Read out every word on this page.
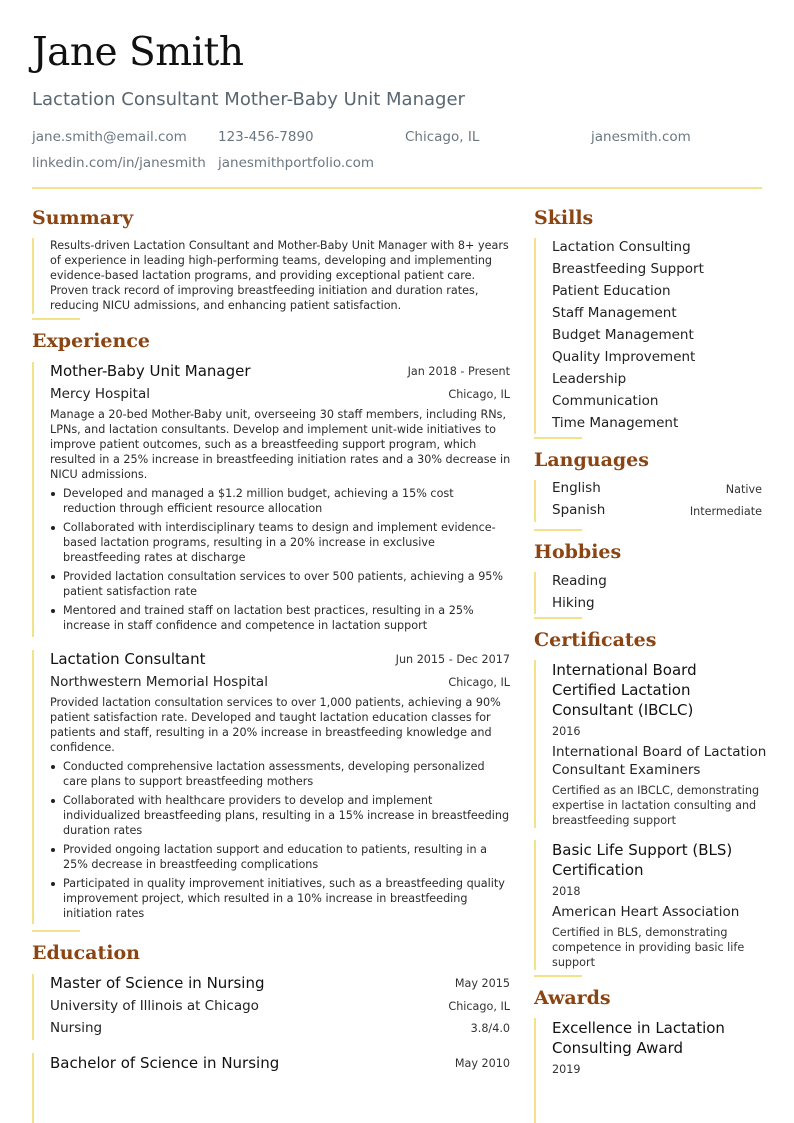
Jane Smith
Lactation Consultant Mother-Baby Unit Manager
jane.smith@email.com 123-456-7890	Chicago, IL	janesmith.com
linkedin.com/in/janesmith janesmithportfolio.com
Summary

Results-driven Lactation Consultant and Mother-Baby Unit Manager with 8+ years of experience in leading high-performing teams, developing and implementing evidence-based lactation programs, and providing exceptional patient care. Proven track record of improving breastfeeding initiation and duration rates, reducing NICU admissions, and enhancing patient satisfaction.

Experience
Mother-Baby Unit Manager	Jan 2018 - Present
Mercy Hospital	Chicago, IL

Manage a 20-bed Mother-Baby unit, overseeing 30 staff members, including RNs, LPNs, and lactation consultants. Develop and implement unit-wide initiatives to improve patient outcomes, such as a breastfeeding support program, which resulted in a 25% increase in breastfeeding initiation rates and a 30% decrease in NICU admissions.

Developed and managed a $1.2 million budget, achieving a 15% cost reduction through efficient resource allocation
Collaborated with interdisciplinary teams to design and implement evidence-based lactation programs, resulting in a 20% increase in exclusive breastfeeding rates at discharge
Provided lactation consultation services to over 500 patients, achieving a 95% patient satisfaction rate
Mentored and trained staff on lactation best practices, resulting in a 25% increase in staff confidence and competence in lactation support
Lactation Consultant	Jun 2015 - Dec 2017
Northwestern Memorial Hospital	Chicago, IL

Provided lactation consultation services to over 1,000 patients, achieving a 90% patient satisfaction rate. Developed and taught lactation education classes for patients and staff, resulting in a 20% increase in breastfeeding knowledge and confidence.

Conducted comprehensive lactation assessments, developing personalized care plans to support breastfeeding mothers
Collaborated with healthcare providers to develop and implement individualized breastfeeding plans, resulting in a 15% increase in breastfeeding duration rates
Provided ongoing lactation support and education to patients, resulting in a 25% decrease in breastfeeding complications
Participated in quality improvement initiatives, such as a breastfeeding quality improvement project, which resulted in a 10% increase in breastfeeding initiation rates
Education
Master of Science in Nursing	May 2015
University of Illinois at Chicago	Chicago, IL
Nursing	3.8/4.0
Bachelor of Science in Nursing	May 2010
Skills
Lactation Consulting
Breastfeeding Support
Patient Education
Staff Management
Budget Management
Quality Improvement
Leadership
Communication
Time Management
Languages
English	Native
Spanish	Intermediate
Hobbies
Reading
Hiking
Certificates

International Board Certified Lactation Consultant (IBCLC)

2016

International Board of Lactation Consultant Examiners

Certified as an IBCLC, demonstrating expertise in lactation consulting and breastfeeding support

Basic Life Support (BLS) Certification

2018

American Heart Association

Certified in BLS, demonstrating competence in providing basic life support

Awards

Excellence in Lactation Consulting Award

2019
